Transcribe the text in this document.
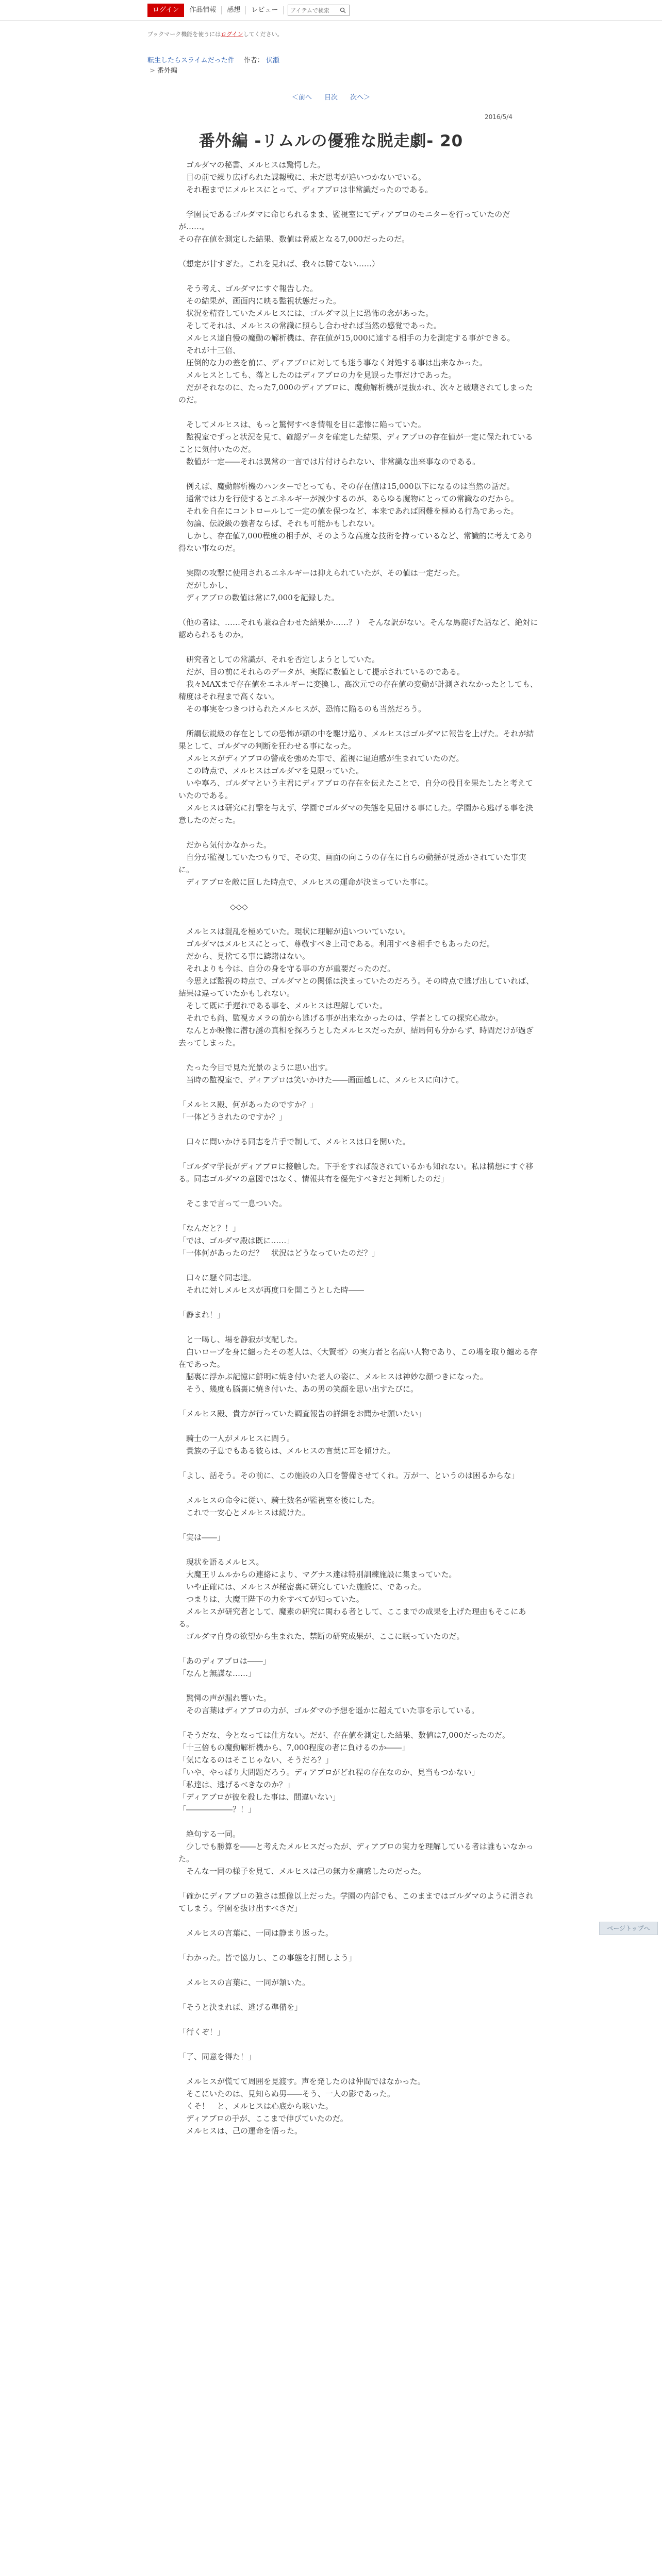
ログイン	作品情報	感想	レビュー
アイテムで検索
ブックマーク機能を使うにはログインしてください。
転生したらスライムだった件 作者： 伏瀬
> 番外編
＜前へ 目次 次へ＞
2016/5/4
番外編 -リムルの優雅な脱走劇- 20

　ゴルダマの秘書、メルヒスは驚愕した。

　目の前で繰り広げられた諜報戦に、未だ思考が追いつかないでいる。

　それ程までにメルヒスにとって、ディアブロは非常識だったのである。

　学園長であるゴルダマに命じられるまま、監視室にてディアブロのモニターを行っていたのだが……。

その存在値を測定した結果、数値は脅威となる7,000だったのだ。

（想定が甘すぎた。これを見れば、我々は勝てない……）

　そう考え、ゴルダマにすぐ報告した。

　その結果が、画面内に映る監視状態だった。

　状況を精査していたメルヒスには、ゴルダマ以上に恐怖の念があった。

　そしてそれは、メルヒスの常識に照らし合わせれば当然の感覚であった。

　メルヒス達自慢の魔動の解析機は、存在値が15,000に達する相手の力を測定する事ができる。

　それが十三倍、

　圧倒的な力の差を前に、ディアブロに対しても迷う事なく対処する事は出来なかった。

　メルヒスとしても、落としたのはディアブロの力を見誤った事だけであった。

　だがそれなのに、たった7,000のディアブロに、魔動解析機が見抜かれ、次々と破壊されてしまったのだ。

　そしてメルヒスは、もっと驚愕すべき情報を目に悲惨に陥っていた。

　監視室でずっと状況を見て、確認データを確定した結果、ディアブロの存在値が一定に保たれていることに気付いたのだ。

　数値が一定――それは異常の一言では片付けられない、非常識な出来事なのである。

　例えば、魔動解析機のハンターでとっても、その存在値は15,000以下になるのは当然の話だ。

　通常では力を行使するとエネルギーが減少するのが、あらゆる魔物にとっての常識なのだから。

　それを自在にコントロールして一定の値を保つなど、本来であれば困難を極める行為であった。

　勿論、伝説級の強者ならば、それも可能かもしれない。

　しかし、存在値7,000程度の相手が、そのような高度な技術を持っているなど、常識的に考えてあり得ない事なのだ。

　実際の攻撃に使用されるエネルギーは抑えられていたが、その値は一定だった。

　だがしかし、

　ディアブロの数値は常に7,000を記録した。

（他の者は、……それも兼ね合わせた結果か……？）　そんな訳がない。そんな馬鹿げた話など、絶対に認められるものか。

　研究者としての常識が、それを否定しようとしていた。

　だが、目の前にそれらのデータが、実際に数値として提示されているのである。

　我々MAXまで存在値をエネルギーに変換し、高次元での存在値の変動が計測されなかったとしても、精度はそれ程まで高くない。

　その事実をつきつけられたメルヒスが、恐怖に陥るのも当然だろう。

　所謂伝説級の存在としての恐怖が頭の中を駆け巡り、メルヒスはゴルダマに報告を上げた。それが結果として、ゴルダマの判断を狂わせる事になった。

　メルヒスがディアブロの警戒を強めた事で、監視に逼迫感が生まれていたのだ。

　この時点で、メルヒスはゴルダマを見限っていた。

　いや寧ろ、ゴルダマという主君にディアブロの存在を伝えたことで、自分の役目を果たしたと考えていたのである。

　メルヒスは研究に打撃を与えず、学園でゴルダマの失態を見届ける事にした。学園から逃げる事を決意したのだった。

　だから気付かなかった。

　自分が監視していたつもりで、その実、画面の向こうの存在に自らの動揺が見透かされていた事実に。

　ディアブロを敵に回した時点で、メルヒスの運命が決まっていた事に。

◇◇◇

　メルヒスは混乱を極めていた。現状に理解が追いついていない。

　ゴルダマはメルヒスにとって、尊敬すべき上司である。利用すべき相手でもあったのだ。

　だから、見捨てる事に躊躇はない。

　それよりも今は、自分の身を守る事の方が重要だったのだ。

　今思えば監視の時点で、ゴルダマとの関係は決まっていたのだろう。その時点で逃げ出していれば、結果は違っていたかもしれない。

　そして既に手遅れである事を、メルヒスは理解していた。

　それでも尚、監視カメラの前から逃げる事が出来なかったのは、学者としての探究心故か。

　なんとか映像に潜む謎の真相を探ろうとしたメルヒスだったが、結局何も分からず、時間だけが過ぎ去ってしまった。

　たった今目で見た光景のように思い出す。

　当時の監視室で、ディアブロは笑いかけた――画面越しに、メルヒスに向けて。

「メルヒス殿、何があったのですか？」

「一体どうされたのですか？」

　口々に問いかける同志を片手で制して、メルヒスは口を開いた。

「ゴルダマ学長がディアブロに接触した。下手をすれば殺されているかも知れない。私は構想にすぐ移る。同志ゴルダマの意図ではなく、情報共有を優先すべきだと判断したのだ」

　そこまで言って一息ついた。

「なんだと？！」

「では、ゴルダマ殿は既に……」

「一体何があったのだ？　状況はどうなっていたのだ？」

　口々に騒ぐ同志達。

　それに対しメルヒスが再度口を開こうとした時――

「静まれ！」

　と一喝し、場を静寂が支配した。

　白いローブを身に纏ったその老人は、〈大賢者〉の実力者と名高い人物であり、この場を取り纏める存在であった。

　脳裏に浮かぶ記憶に鮮明に焼き付いた老人の姿に、メルヒスは神妙な顔つきになった。

　そう、幾度も脳裏に焼き付いた、あの男の笑顔を思い出すたびに。

「メルヒス殿、貴方が行っていた調査報告の詳細をお聞かせ願いたい」

　騎士の一人がメルヒスに問う。

　貴族の子息でもある彼らは、メルヒスの言葉に耳を傾けた。

「よし、話そう。その前に、この施設の入口を警備させてくれ。万が一、というのは困るからな」

　メルヒスの命令に従い、騎士数名が監視室を後にした。

　これで一安心とメルヒスは続けた。

「実は――」

　現状を語るメルヒス。

　大魔王リムルからの連絡により、マグナス達は特別訓練施設に集まっていた。

　いや正確には、メルヒスが秘密裏に研究していた施設に、であった。

　つまりは、大魔王陛下の力をすべてが知っていた。

　メルヒスが研究者として、魔素の研究に関わる者として、ここまでの成果を上げた理由もそこにある。

　ゴルダマ自身の欲望から生まれた、禁断の研究成果が、ここに眠っていたのだ。

「あのディアブロは――」

「なんと無謀な……」

　驚愕の声が漏れ響いた。

　その言葉はディアブロの力が、ゴルダマの予想を遥かに超えていた事を示している。

「そうだな、今となっては仕方ない。だが、存在値を測定した結果、数値は7,000だったのだ。

「十三倍もの魔動解析機から、7,000程度の者に負けるのか――」

「気になるのはそこじゃない、そうだろ？」

「いや、やっぱり大問題だろう。ディアブロがどれ程の存在なのか、見当もつかない」

「私達は、逃げるべきなのか？」

「ディアブロが彼を殺した事は、間違いない」

「――――――？！」

　絶句する一同。

　少しでも勝算を――と考えたメルヒスだったが、ディアブロの実力を理解している者は誰もいなかった。

　そんな一同の様子を見て、メルヒスは己の無力を痛感したのだった。

「確かにディアブロの強さは想像以上だった。学園の内部でも、このままではゴルダマのように消されてしまう。学園を抜け出すべきだ」

　メルヒスの言葉に、一同は静まり返った。

「わかった。皆で協力し、この事態を打開しよう」

　メルヒスの言葉に、一同が頷いた。

「そうと決まれば、逃げる準備を」

「行くぞ！」

「了、同意を得た！」

　メルヒスが慌てて周囲を見渡す。声を発したのは仲間ではなかった。

　そこにいたのは、見知らぬ男――そう、一人の影であった。

　くそ！　と、メルヒスは心底から呟いた。

　ディアブロの手が、ここまで伸びていたのだ。

　メルヒスは、己の運命を悟った。

ページトップへ
